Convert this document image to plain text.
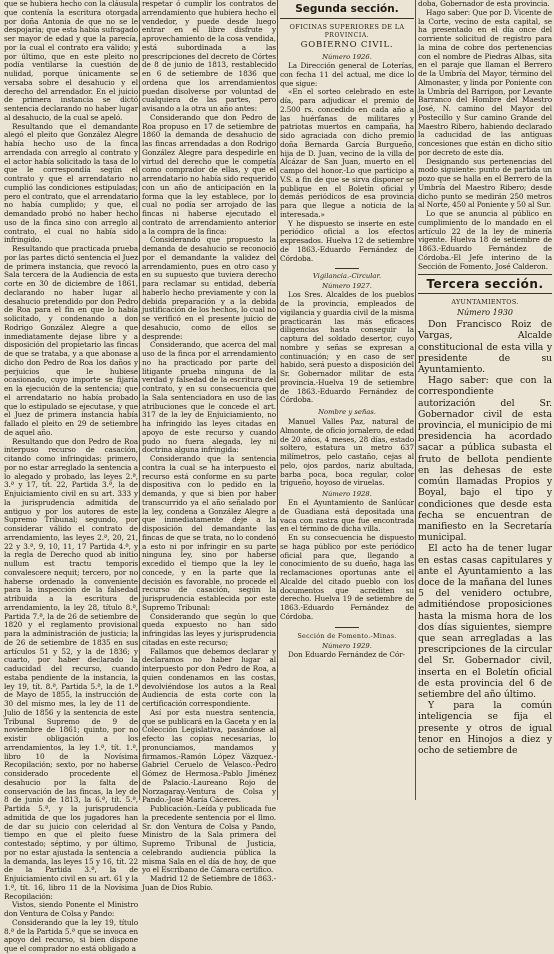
que se hubiera hecho con la cláusula que contenía la escritura otorgada por doña Antonia de que no se le despojaria; que esta había sufragado ser mayor de edad y que la parecía, por la cual el contrato era válido; y por último, que en este pleito no podía ventilarse la cuestión de nulidad, porque únicamente se versaba sobre el desahucio y el derecho del arrendador. En el juicio de primera instancia se dictó sentencia declarando no haber lugar al desahucio, de la cual se apeló.

Resultando que el demandante alegó el pleito que González Alegre había hecho uso de la finca arrendada con arreglo al contrato y el actor había solicitado la tasa de lo que le correspondía según el contrato y que el arrendatario no cumplió las condiciones estipuladas; pero el contrato, que el arrendatario no había cumplido; y que, el demandado probó no haber hecho uso de la finca sino con arreglo al contrato, el cual no había sido infringido.

Resultando que practicada prueba por las partes dictó sentencia el Juez de primera instancia, que revocó la Sala tercera de la Audiencia de esta corte en 30 de diciembre de 1861, declarando no haber lugar al desahucio pretendido por don Pedro de Roa para el fin en que lo había solicitado, y condenando a don Rodrigo González Alegre a que inmediatamente dejase libre y a disposición del propietario las fincas de que se trataba, y a que abonase a dicho don Pedro de Roa los daños y perjuicios que le hubiese ocasionado, cuyo importe se fijaría en la ejecución de la sentencia; que el arrendatario no había probado que lo estipulado se ejecutase, y que el Juez de primera instancia había fallado el pleito en 29 de setiembre de aquel año.

Resultando que don Pedro de Roa interpuso recurso de casación, citando como infringidas: primero, por no estar arreglado la sentencia a lo alegado y probado, las leyes 2.ª, 3.ª y 17, tít. 22, Partida 3.ª, la de Enjuiciamiento civil en su art. 333 y la jurisprudencia admitida de antiguo y por los autores de este Supremo Tribunal; segundo, por considerar válido el contrato de arrendamiento, las leyes 2.ª, 20, 21, 22 y 3.ª, 9, 10, 11, 17 Partida 4.ª, y la regla de Derecho quod ab initio nullum est tractu temporis convalescere nequit; tercero, por no haberse ordenado la conveniente para la inspección de la falsedad atribuida a la escritura de arrendamiento, la ley 28, título 8.ª, Partida 7.ª, la de 26 de setiembre de 1820 y el reglamento provisional para la administración de justicia; la de 26 de setiembre de 1835 en sus artículos 51 y 52, y la de 1836; y cuarto, por haber declarado la caducidad del recurso, cuando estaba pendiente de la instancia, la ley 19, tít. 8.ª, Partida 5.ª, la de 1.ª de Mayo de 1855, la instrucción de 30 del mismo mes, la ley de 11 de Julio de 1856 y la sentencia de este Tribunal Supremo de 9 de noviembre de 1861; quinto, por no existir obligación a los arrendamientos, la ley 1.ª, tít. 1.ª, libro 10 de la Novísima Recopilación; sexto, por no haberse considerado procedente el desahucio por la falta de conservación de las fincas, la ley de 8 de junio de 1813, la 6.ª, tít. 5.ª, Partida 5.ª, y la jurisprudencia admitida de que los jugadores han de dar su juicio con celeridad al tiempo en que el pleito fuese contestado; séptimo, y por último, por no estar ajustada la sentencia a la demanda, las leyes 15 y 16, tít. 22 de la Partida 3.ª, la de Enjuiciamiento civil en su art. 61 y la 1.ª, tít. 16, libro 11 de la Novísima Recopilación:

Vistos, siendo Ponente el Ministro don Ventura de Colsa y Pando:

Considerando que la ley 19, título 8.ª de la Partida 5.ª que se invoca en apoyo del recurso, si bien dispone que el comprador no está obligado a

respetar ó cumplir los contratos de arrendamiento que hubiera hecho el vendedor, y puede desde luego entrar en el libre disfrute y aprovechamiento de la cosa vendida, está subordinada a las prescripciones del decreto de Córtes de 8 de junio de 1813, restablecido en 6 de setiembre de 1836 que ordena que los arrendamientos puedan disolverse por voluntad de cualquiera de las partes, pero avisando a la otra un año antes:

Considerando que don Pedro de Roa propuso en 17 de setiembre de 1860 la demanda de desahucio de las fincas arrendadas a don Rodrigo González Alegre para despedirle en virtud del derecho que le competía como comprador de ellas, y que el arrendatario no había sido requerido con un año de anticipación en la forma que la ley establece, por lo cual no podía ser arrojado de las fincas ni haberse ejecutado el contrato de arrendamiento anterior a la compra de la finca:

Considerando que propuesto la demanda de desahucio se reconoció por el demandante la validez del arrendamiento, pues en otro caso y en su supuesto que tuviera derecho para reclamar su entidad, debería haberlo hecho previamente y con la debida preparación y a la debida justificación de los hechos, lo cual no se verificó en el presente juicio de desahucio, como de ellos se desprende:

Considerando, que acerca del mal uso de la finca por el arrendamiento no ha practicado por parte del litigante prueba ninguna de la verdad y falsedad de la escritura del contrato, y en su consecuencia que la Sala sentenciadora en uso de las atribuciones que le concede el art. 317 de la ley de Enjuiciamiento, no ha infringido las leyes citadas en apoyo de este recurso y cuando pudo no fuera alegada, ley ni doctrina alguna infringida:

Considerando que la sentencia contra la cual se ha interpuesto el recurso está conforme en su parte dispositiva con lo pedido en la demanda, y que si bien por haber transcurrido ya el año señalado por la ley, condena a González Alegre a que inmediatamente deje a la disposición del demandante las fincas de que se trata, no lo condenó a esto ni por infringir en su parte ninguna ley, sino por haberse excedido el tiempo que la ley le concede, y en la parte que la decisión es favorable, no procede el recurso de casación, según la jurisprudencia establecida por este Supremo Tribunal:

Considerando que según lo que queda expuesto no han sido infringidas las leyes y jurisprudencia citadas en este recurso;

Fallamos que debemos declarar y declaramos no haber lugar al interpuesto por don Pedro de Roa, a quien condenamos en las costas, devolviéndose los autos a la Real Audiencia de esta corte con la certificación correspondiente.

Así por esta nuestra sentencia, que se publicará en la Gaceta y en la Colección Legislativa, pasándose al efecto las copias necesarias, lo pronunciamos, mandamos y firmamos.-Ramón López Vázquez.-Gabriel Ceruelo de Velasco.-Pedro Gómez de Hermosa.-Pablo Jiménez de Palacio.-Laureano Rojo de Norzagaray.-Ventura de Colsa y Pando.-José María Cáceres.

Publicación.-Leída y publicada fue la precedente sentencia por el Ilmo. Sr. don Ventura de Colsa y Pando, Ministro de la Sala primera del Supremo Tribunal de Justicia, celebrando audiencia pública la misma Sala en el día de hoy, de que yo el Escribano de Cámara certifico.

Madrid 12 de Setiembre de 1863.-Juan de Dios Rubio.

Segunda sección.
OFICINAS SUPERIORES DE LA
PROVINCIA.
GOBIERNO CIVIL.
Número 1926.

La Dirección general de Loterías, con fecha 11 del actual, me dice lo que sigue:

«En el sorteo celebrado en este día, para adjudicar el premio de 2.500 rs. concedido en cada año a las huérfanas de militares y patriotas muertos en campaña, ha sido agraciada con dicho premio doña Bernarda García Burgueño, hija de D. Juan, vecino de la villa de Alcázar de San Juan, muerto en el campo del honor.-Lo que participo a V.S. a fin de que se sirva disponer se publique en el Boletín oficial y demás periódicos de esa provincia para que llegue a noticia de la interesada.»

Y he dispuesto se inserte en este periódico oficial a los efectos expresados. Huelva 12 de setiembre de 1863.-Eduardo Fernández de Córdoba.

Vigilancia.-Circular.
Número 1927.

Los Sres. Alcaldes de los pueblos de la provincia, empleados de vigilancia y guardia civil de la misma practicarán las más eficaces diligencias hasta conseguir la captura del soldado desertor, cuyo nombre y señas se expresan a continuación; y en caso de ser habido, será puesto a disposición del Sr. Gobernador militar de esta provincia.-Huelva 19 de setiembre de 1863.-Eduardo Fernández de Córdoba.

Nombre y señas.

Manuel Valles Paz, natural de Almonte, de oficio jornalero, de edad de 20 años, 4 meses, 28 días, estado soltero, estatura un metro 637 milímetros, pelo castaño, cejas al pelo, ojos pardos, nariz abultada, barba poca, boca regular, color trigueño, hoyoso de viruelas.

Número 1928.

En el Ayuntamiento de Sanlúcar de Guadiana está depositada una vaca con rastra que fue encontrada en el término de dicha villa.

En su consecuencia he dispuesto se haga público por este periódico oficial para que, llegando a conocimiento de su dueño, haga las reclamaciones oportunas ante el Alcalde del citado pueblo con los documentos que acrediten su derecho. Huelva 19 de setiembre de 1863.-Eduardo Fernández de Córdoba.

Sección de Fomento.-Minas.
Número 1929.

Don Eduardo Fernández de Cór-

doba, Gobernador de esta provincia.

Hago saber: Que por D. Vicente de la Corte, vecino de esta capital, se ha presentado en el día once del corriente solicitud de registro para la mina de cobre dos pertenencias con el nombre de Piedras Albas, sita en el paraje que llaman el Berrero de la Umbría del Mayor, término del Almonaster, y linda por Poniente con la Umbría del Barrigon, por Levante Barranco del Hombre del Maestro José, N. camino del Mayor del Postecillo y Sur camino Grande del Maestro Ribero, habiendo declarado la caducidad de las antiguas concesiones que están en dicho sitio por decreto de este día.

Designando sus pertenencias del modo siguiente: punto de partida un pozo que se halla en el Berrero de la Umbría del Maestro Ribero; desde dicho punto se medirán 250 metros al Norte, 450 al Poniente y 50 al Sur.

Lo que se anuncia al público en cumplimiento de lo mandado en el artículo 22 de la ley de minería vigente. Huelva 18 de setiembre de 1863.-Eduardo Fernández de Córdoba.-El Jefe interino de la Sección de Fomento, José Calderon.

Tercera sección.
AYUNTAMIENTOS.
Número 1930

Don Francisco Roiz de Vargas, Alcalde constitucional de esta villa y presidente de su Ayuntamiento.

Hago saber: que con la correspondiente autorización del Sr. Gobernador civil de esta provincia, el municipio de mi presidencia ha acordado sacar a pública subasta el fruto de bellota pendiente en las dehesas de este común llamadas Propios y Boyal, bajo el tipo y condiciones que desde esta fecha se encuentran de manifiesto en la Secretaría municipal.

El acto ha de tener lugar en estas casas capitulares y ante el Ayuntamiento a las doce de la mañana del lunes 5 del venidero octubre, admitiéndose proposiciones hasta la misma hora de los dos días siguientes, siempre que sean arregladas a las prescripciones de la circular del Sr. Gobernador civil, inserta en el Boletín oficial de esta provincia del 6 de setiembre del año último.

Y para la común inteligencia se fija el presente y otros de igual tenor en Hinojos a diez y ocho de setiembre de
